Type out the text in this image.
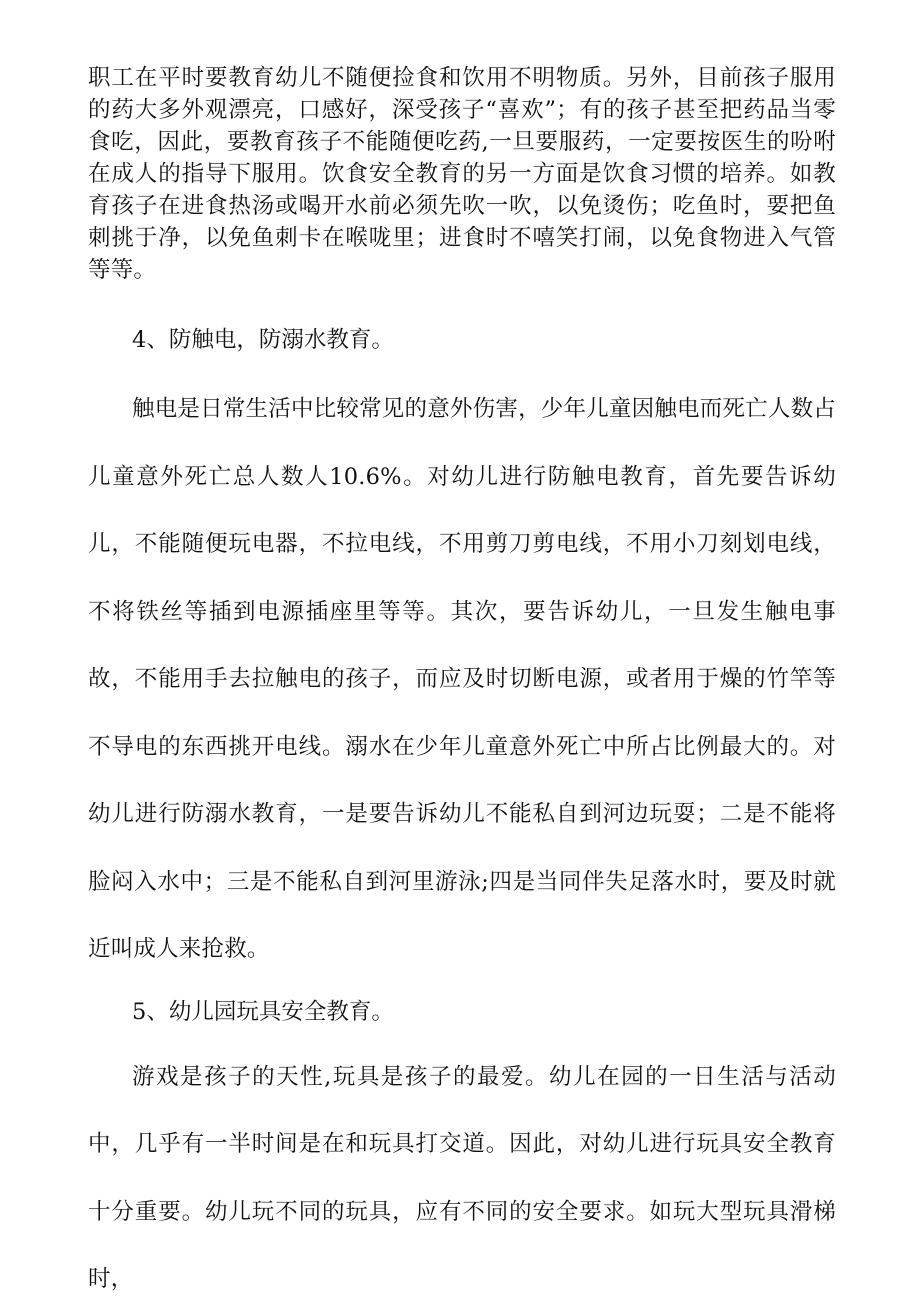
职工在平时要教育幼儿不随便捡食和饮用不明物质。另外，目前孩子服用的药大多外观漂亮，口感好，深受孩子“喜欢”；有的孩子甚至把药品当零食吃，因此，要教育孩子不能随便吃药,一旦要服药，一定要按医生的吩咐在成人的指导下服用。饮食安全教育的另一方面是饮食习惯的培养。如教育孩子在进食热汤或喝开水前必须先吹一吹，以免烫伤；吃鱼时，要把鱼刺挑于净，以免鱼刺卡在喉咙里；进食时不嘻笑打闹，以免食物进入气管等等。

4、防触电，防溺水教育。

触电是日常生活中比较常见的意外伤害，少年儿童因触电而死亡人数占儿童意外死亡总人数人10.6%。对幼儿进行防触电教育，首先要告诉幼儿，不能随便玩电器，不拉电线，不用剪刀剪电线，不用小刀刻划电线，不将铁丝等插到电源插座里等等。其次，要告诉幼儿，一旦发生触电事故，不能用手去拉触电的孩子，而应及时切断电源，或者用于燥的竹竿等不导电的东西挑开电线。溺水在少年儿童意外死亡中所占比例最大的。对幼儿进行防溺水教育，一是要告诉幼儿不能私自到河边玩耍；二是不能将脸闷入水中；三是不能私自到河里游泳;四是当同伴失足落水时，要及时就近叫成人来抢救。

5、幼儿园玩具安全教育。

游戏是孩子的天性,玩具是孩子的最爱。幼儿在园的一日生活与活动中，几乎有一半时间是在和玩具打交道。因此，对幼儿进行玩具安全教育十分重要。幼儿玩不同的玩具，应有不同的安全要求。如玩大型玩具滑梯时，
